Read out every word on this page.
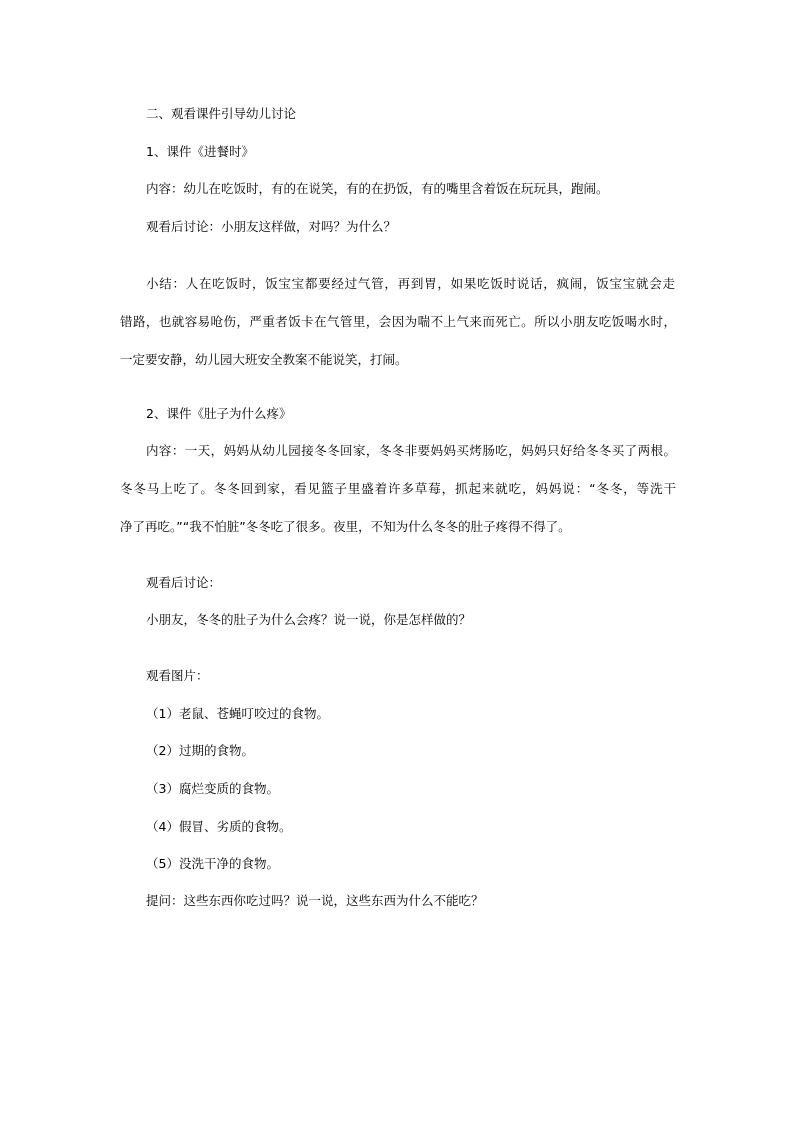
二、观看课件引导幼儿讨论
1、课件《进餐时》
内容：幼儿在吃饭时，有的在说笑，有的在扔饭，有的嘴里含着饭在玩玩具，跑闹。
观看后讨论：小朋友这样做，对吗？为什么？
小结：人在吃饭时，饭宝宝都要经过气管，再到胃，如果吃饭时说话，疯闹，饭宝宝就会走
错路，也就容易呛伤，严重者饭卡在气管里，会因为喘不上气来而死亡。所以小朋友吃饭喝水时，
一定要安静，幼儿园大班安全教案不能说笑，打闹。
2、课件《肚子为什么疼》
内容：一天，妈妈从幼儿园接冬冬回家，冬冬非要妈妈买烤肠吃，妈妈只好给冬冬买了两根。
冬冬马上吃了。冬冬回到家，看见篮子里盛着许多草莓，抓起来就吃，妈妈说：“冬冬，等洗干
净了再吃。”“我不怕脏”冬冬吃了很多。夜里，不知为什么冬冬的肚子疼得不得了。
观看后讨论：
小朋友，冬冬的肚子为什么会疼？说一说，你是怎样做的？
观看图片：
（1）老鼠、苍蝇叮咬过的食物。
（2）过期的食物。
（3）腐烂变质的食物。
（4）假冒、劣质的食物。
（5）没洗干净的食物。
提问：这些东西你吃过吗？说一说，这些东西为什么不能吃？
